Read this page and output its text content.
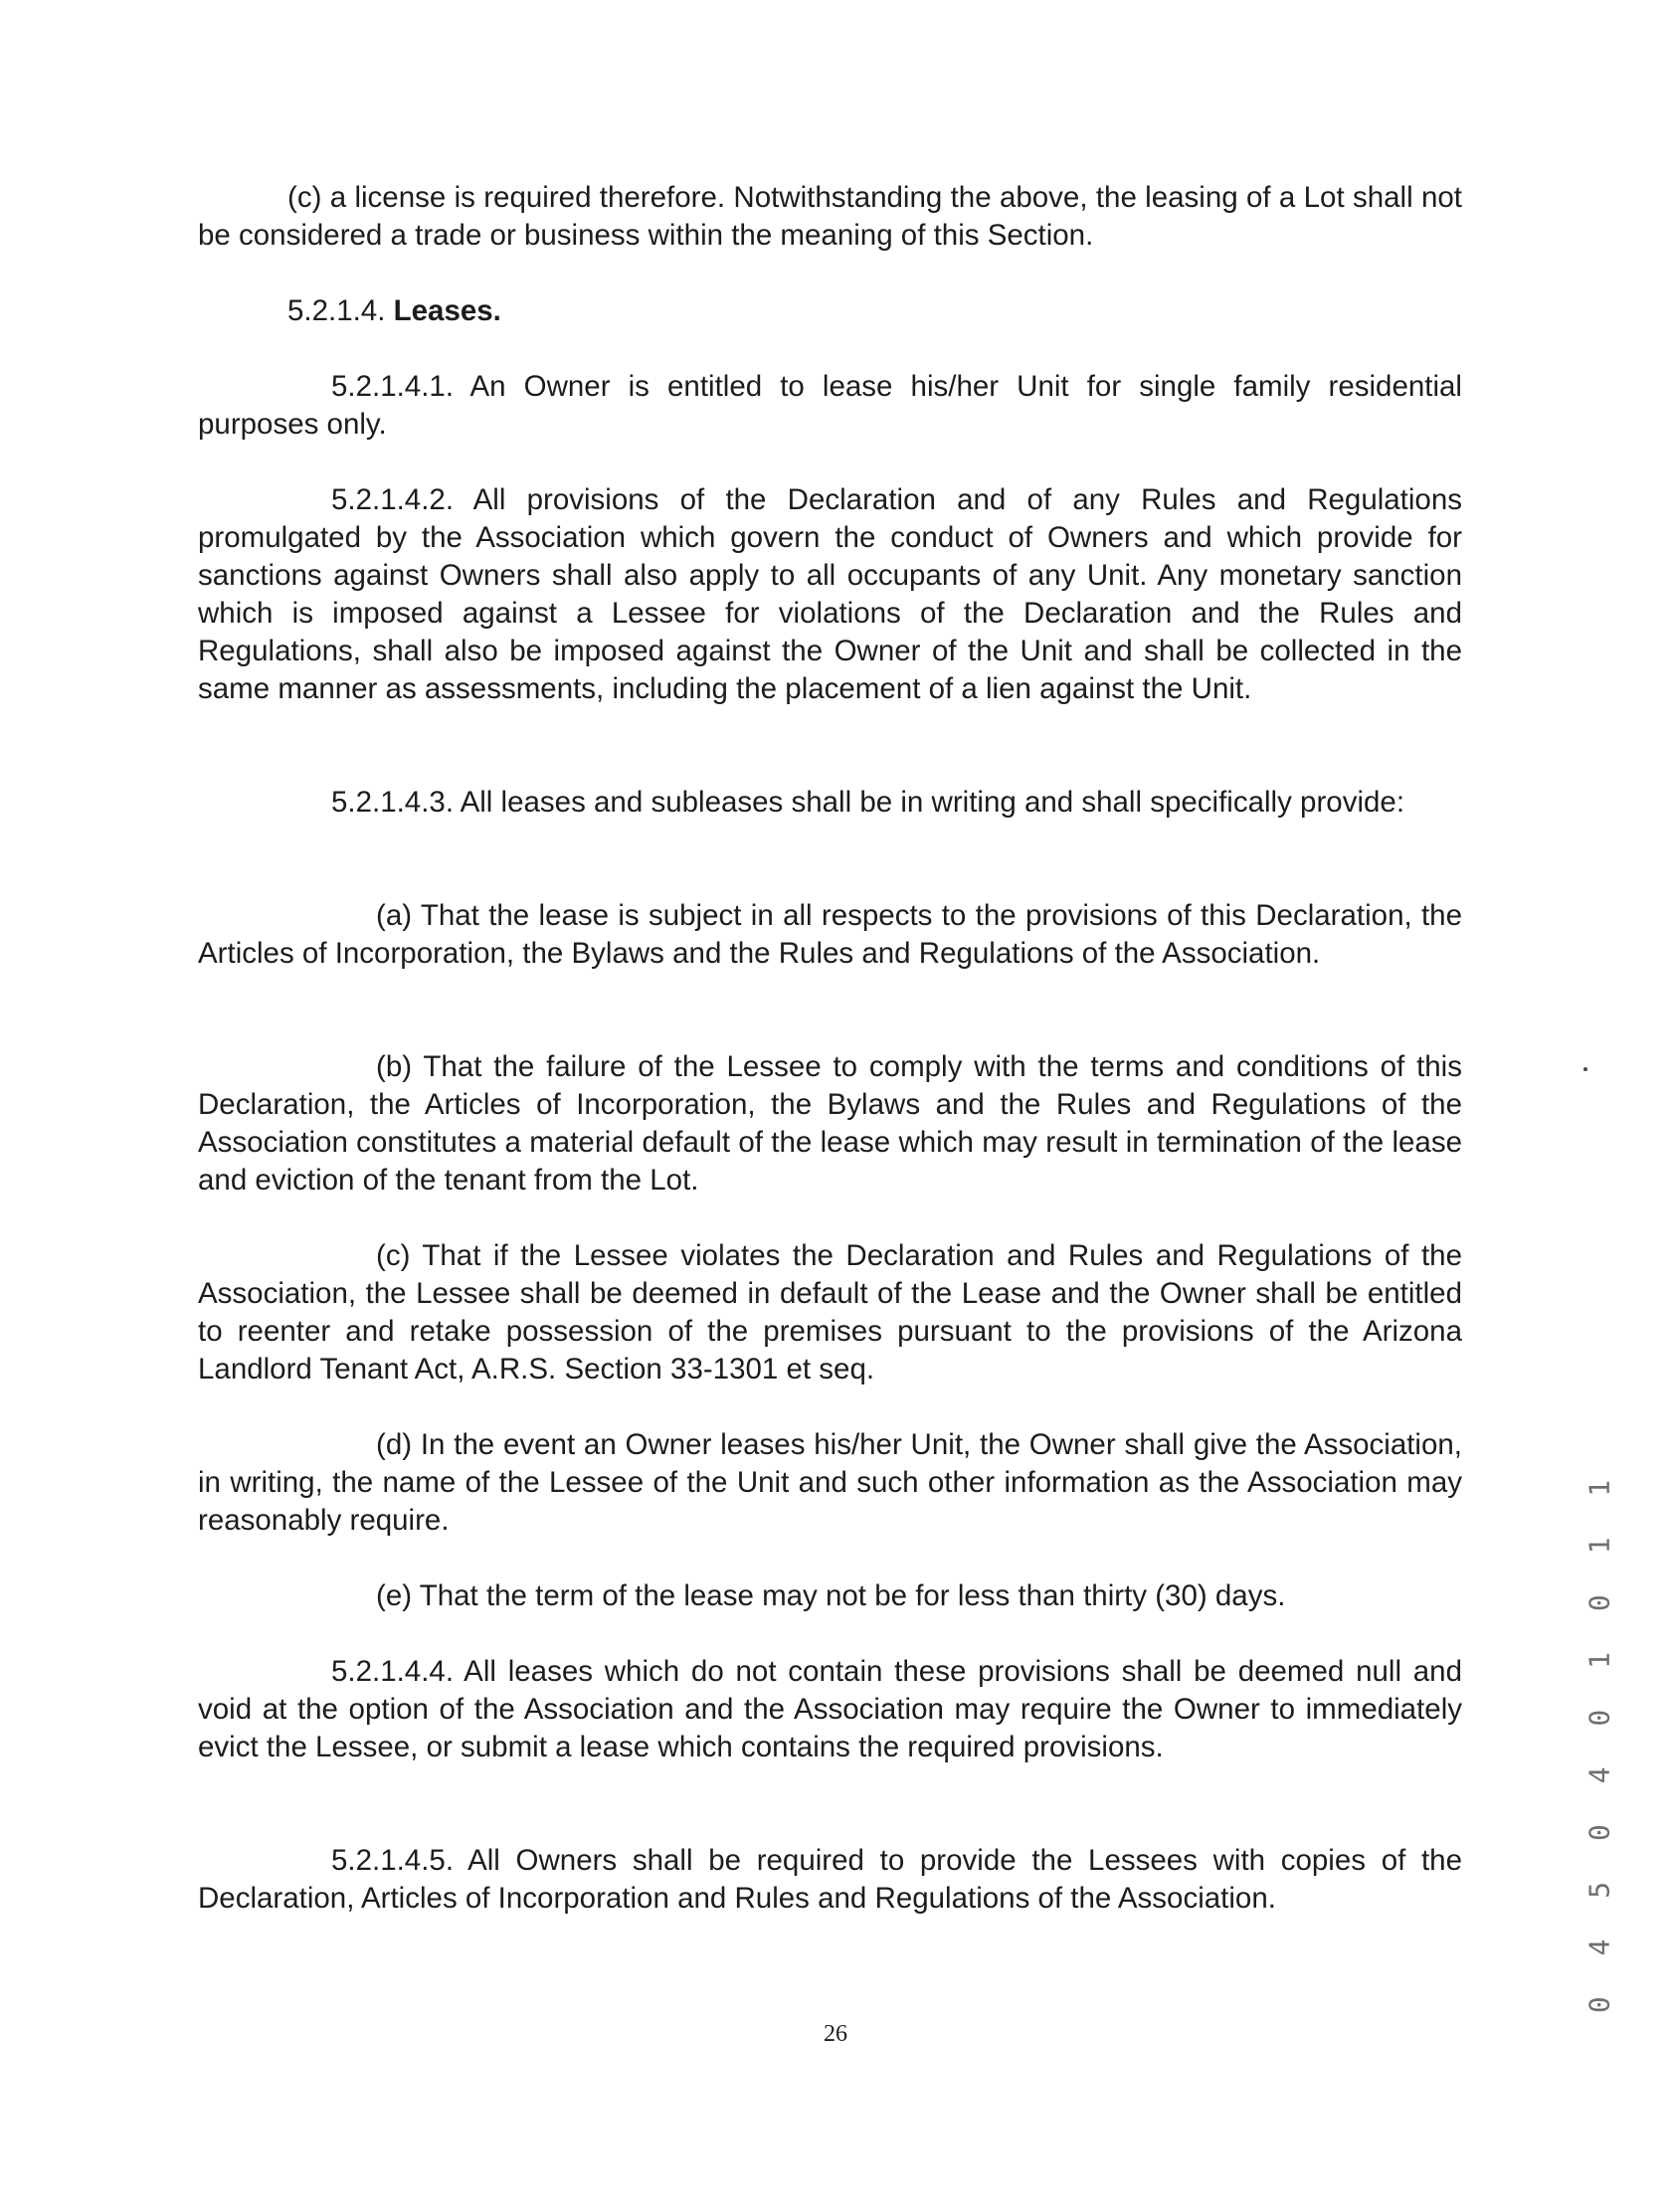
(c) a license is required therefore. Notwithstanding the above, the leasing of a Lot shall not be considered a trade or business within the meaning of this Section.

5.2.1.4. Leases.

5.2.1.4.1. An Owner is entitled to lease his/her Unit for single family residential purposes only.

5.2.1.4.2. All provisions of the Declaration and of any Rules and Regulations promulgated by the Association which govern the conduct of Owners and which provide for sanctions against Owners shall also apply to all occupants of any Unit. Any monetary sanction which is imposed against a Lessee for violations of the Declaration and the Rules and Regulations, shall also be imposed against the Owner of the Unit and shall be collected in the same manner as assessments, including the placement of a lien against the Unit.

5.2.1.4.3. All leases and subleases shall be in writing and shall specifically provide:

(a) That the lease is subject in all respects to the provisions of this Declaration, the Articles of Incorporation, the Bylaws and the Rules and Regulations of the Association.

(b) That the failure of the Lessee to comply with the terms and conditions of this Declaration, the Articles of Incorporation, the Bylaws and the Rules and Regulations of the Association constitutes a material default of the lease which may result in termination of the lease and eviction of the tenant from the Lot.

(c) That if the Lessee violates the Declaration and Rules and Regulations of the Association, the Lessee shall be deemed in default of the Lease and the Owner shall be entitled to reenter and retake possession of the premises pursuant to the provisions of the Arizona Landlord Tenant Act, A.R.S. Section 33-1301 et seq.

(d) In the event an Owner leases his/her Unit, the Owner shall give the Association, in writing, the name of the Lessee of the Unit and such other information as the Association may reasonably require.

(e) That the term of the lease may not be for less than thirty (30) days.

5.2.1.4.4. All leases which do not contain these provisions shall be deemed null and void at the option of the Association and the Association may require the Owner to immediately evict the Lessee, or submit a lease which contains the required provisions.

5.2.1.4.5. All Owners shall be required to provide the Lessees with copies of the Declaration, Articles of Incorporation and Rules and Regulations of the Association.

26

0 4 5 0 4 0 1 0 1 1
